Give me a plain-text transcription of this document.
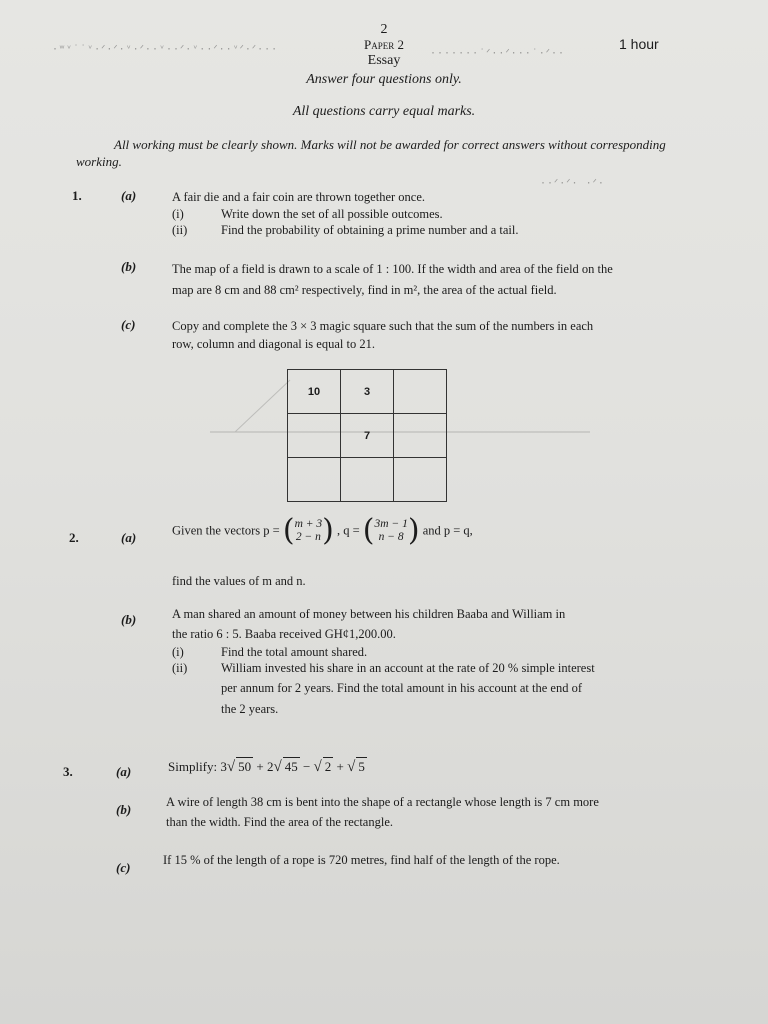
·ʷᵛ˙˙ᵛ·ᐟ·ᐟ·ᵛ·ᐟ··ᵛ··ᐟ·ᵛ··ᐟ··ᵛᐟ·ᐟ···	·······˙ᐟ··ᐟ···˙·ᐟ··
··ᐟ·ᐟ· ·ᐟ·
2
Paper 2	1 hour
Essay
Answer four questions only.
All questions carry equal marks.
All working must be clearly shown. Marks will not be awarded for correct answers without corresponding working.
1.	(a)	A fair die and a fair coin are thrown together once.
(i)	Write down the set of all possible outcomes.
(ii)	Find the probability of obtaining a prime number and a tail.
(b)	The map of a field is drawn to a scale of 1 : 100. If the width and area of the field on the
map are 8 cm and 88 cm² respectively, find in m², the area of the actual field.
(c)	Copy and complete the 3 × 3 magic square such that the sum of the numbers in each
row, column and diagonal is equal to 21.
10	3	
	7	

2.	(a)	Given the vectors p = (m + 3
2 − n) , q = (3m − 1
n − 8 ) and p = q,
find the values of m and n.
(b)	A man shared an amount of money between his children Baaba and William in
the ratio 6 : 5. Baaba received GH¢1,200.00.
(i)	Find the total amount shared.
(ii)	William invested his share in an account at the rate of 20 % simple interest
per annum for 2 years. Find the total amount in his account at the end of
the 2 years.
3.	(a)	Simplify: 3√ 50 + 2√ 45 − √ 2 + √ 5
(b)	A wire of length 38 cm is bent into the shape of a rectangle whose length is 7 cm more
than the width. Find the area of the rectangle.
(c)	If 15 % of the length of a rope is 720 metres, find half of the length of the rope.
